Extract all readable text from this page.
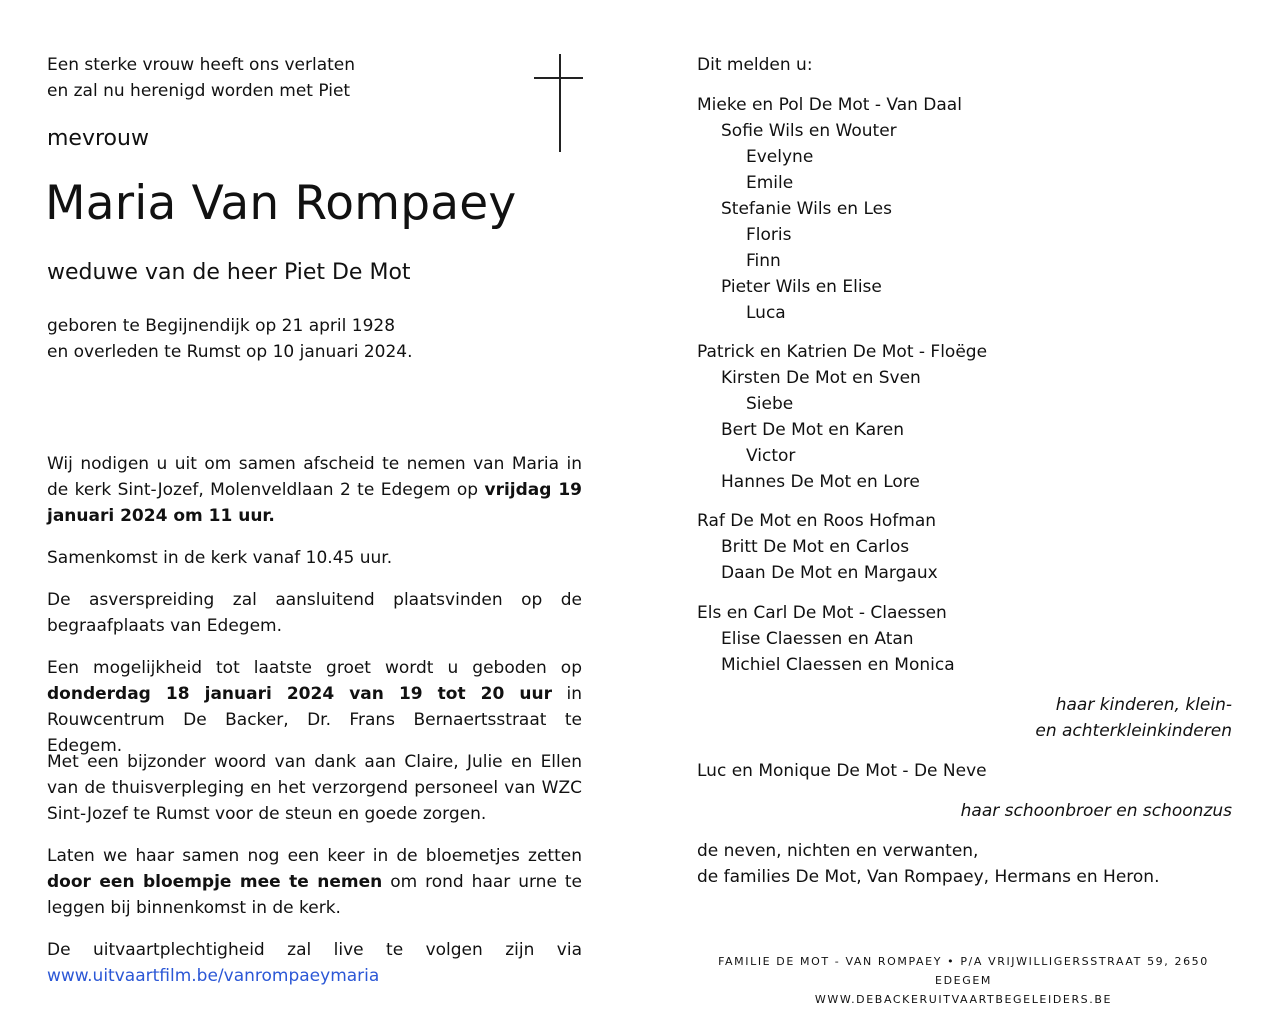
Een sterke vrouw heeft ons verlaten
en zal nu herenigd worden met Piet
mevrouw
Maria Van Rompaey
weduwe van de heer Piet De Mot
geboren te Begijnendijk op 21 april 1928
en overleden te Rumst op 10 januari 2024.
Wij nodigen u uit om samen afscheid te nemen van Maria in de kerk Sint-Jozef, Molenveldlaan 2 te Edegem op vrijdag 19 januari 2024 om 11 uur.
Samenkomst in de kerk vanaf 10.45 uur.
De asverspreiding zal aansluitend plaatsvinden op de begraafplaats van Edegem.
Een mogelijkheid tot laatste groet wordt u geboden op donderdag 18 januari 2024 van 19 tot 20 uur in Rouwcentrum De Backer, Dr. Frans Bernaertsstraat te Edegem.
Met een bijzonder woord van dank aan Claire, Julie en Ellen van de thuisverpleging en het verzorgend personeel van WZC Sint-Jozef te Rumst voor de steun en goede zorgen.
Laten we haar samen nog een keer in de bloemetjes zetten door een bloempje mee te nemen om rond haar urne te leggen bij binnenkomst in de kerk.
De uitvaartplechtigheid zal live te volgen zijn via
www.uitvaartfilm.be/vanrompaeymaria
Dit melden u:
Mieke en Pol De Mot - Van Daal
Sofie Wils en Wouter
Evelyne
Emile
Stefanie Wils en Les
Floris
Finn
Pieter Wils en Elise
Luca
Patrick en Katrien De Mot - Floëge
Kirsten De Mot en Sven
Siebe
Bert De Mot en Karen
Victor
Hannes De Mot en Lore
Raf De Mot en Roos Hofman
Britt De Mot en Carlos
Daan De Mot en Margaux
Els en Carl De Mot - Claessen
Elise Claessen en Atan
Michiel Claessen en Monica
haar kinderen, klein-
en achterkleinkinderen
Luc en Monique De Mot - De Neve
haar schoonbroer en schoonzus
de neven, nichten en verwanten,
de families De Mot, Van Rompaey, Hermans en Heron.
FAMILIE DE MOT - VAN ROMPAEY • P/A VRIJWILLIGERSSTRAAT 59, 2650 EDEGEM
WWW.DEBACKERUITVAARTBEGELEIDERS.BE
